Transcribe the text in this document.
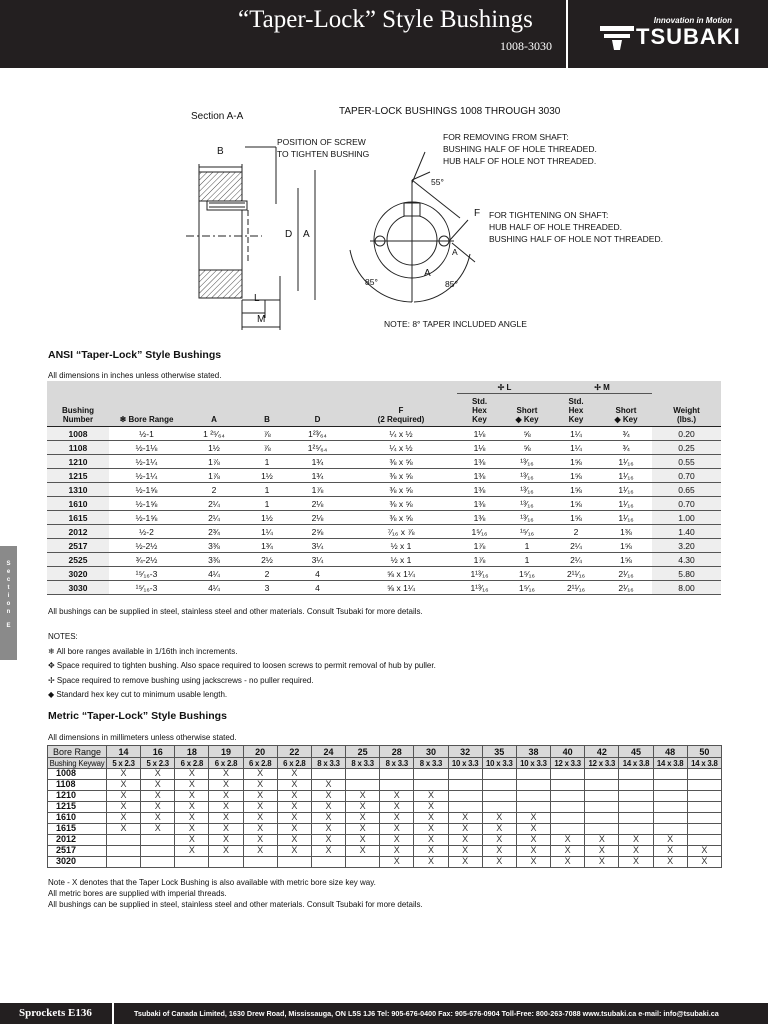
“Taper-Lock” Style Bushings
1008-3030
Innovation in Motion
TSUBAKI
S
e
c
t
i
o
n
E
Section A-A	TAPER-LOCK BUSHINGS 1008 THROUGH 3030
B
POSITION OF SCREW
TO TIGHTEN BUSHING
FOR REMOVING FROM SHAFT:
BUSHING HALF OF HOLE THREADED.
HUB HALF OF HOLE NOT THREADED.
55°
F FOR TIGHTENING ON SHAFT:
HUB HALF OF HOLE THREADED.
BUSHING HALF OF HOLE NOT THREADED.
D A
A
A
85°	85°
L
M	NOTE: 8° TAPER INCLUDED ANGLE
ANSI “Taper-Lock” Style Bushings
All dimensions in inches unless otherwise stated.
						✢ L		✢ M		
Bushing
Number	❄ Bore Range	A	B	D	F
(2 Required)	Std.
Hex
Key	Short
◆ Key	Std.
Hex
Key	Short
◆ Key	Weight
(lbs.)
1008	½-1	1 ²⁵⁄₆₄	⅞	1²³⁄₆₄	¼ x ½	1⅛	⅝	1¼	¾	0.20
1108	½-1⅛	1½	⅞	1²⁵⁄₆₄	¼ x ½	1⅛	⅝	1¼	¾	0.25
1210	½-1¼	1⅞	1	1¾	⅜ x ⅝	1⅜	¹³⁄₁₆	1⅝	1¹⁄₁₆	0.55
1215	½-1¼	1⅞	1½	1¾	⅜ x ⅝	1⅜	¹³⁄₁₆	1⅝	1¹⁄₁₆	0.70
1310	½-1⅝	2	1	1⅞	⅜ x ⅝	1⅜	¹³⁄₁₆	1⅝	1¹⁄₁₆	0.65
1610	½-1⅝	2¼	1	2⅛	⅜ x ⅝	1⅜	¹³⁄₁₆	1⅝	1¹⁄₁₆	0.70
1615	½-1⅝	2¼	1½	2⅛	⅜ x ⅝	1⅜	¹³⁄₁₆	1⅝	1¹⁄₁₆	1.00
2012	½-2	2¾	1¼	2⅝	⁷⁄₁₆ x ⅞	1⁵⁄₁₆	¹⁵⁄₁₆	2	1⅜	1.40
2517	½-2½	3⅜	1¾	3¼	½ x 1	1⅞	1	2¼	1⅝	3.20
2525	¾-2½	3⅜	2½	3¼	½ x 1	1⅞	1	2¼	1⅝	4.30
3020	¹⁵⁄₁₆-3	4¼	2	4	⅝ x 1¼	1¹³⁄₁₆	1⁵⁄₁₆	2¹¹⁄₁₆	2¹⁄₁₆	5.80
3030	¹⁵⁄₁₆-3	4¼	3	4	⅝ x 1¼	1¹³⁄₁₆	1⁵⁄₁₆	2¹¹⁄₁₆	2¹⁄₁₆	8.00
All bushings can be supplied in steel, stainless steel and other materials. Consult Tsubaki for more details.
NOTES:
❄ All bore ranges available in 1/16th inch increments.
✥ Space required to tighten bushing. Also space required to loosen screws to permit removal of hub by puller.
✢ Space required to remove bushing using jackscrews - no puller required.
◆ Standard hex key cut to minimum usable length.
Metric “Taper-Lock” Style Bushings
All dimensions in millimeters unless otherwise stated.
Bore Range	14	16	18	19	20	22	24	25	28	30	32	35	38	40	42	45	48	50
Bushing Keyway	5 x 2.3	5 x 2.3	6 x 2.8	6 x 2.8	6 x 2.8	6 x 2.8	8 x 3.3	8 x 3.3	8 x 3.3	8 x 3.3	10 x 3.3	10 x 3.3	10 x 3.3	12 x 3.3	12 x 3.3	14 x 3.8	14 x 3.8	14 x 3.8
1008	X	X	X	X	X	X												
1108	X	X	X	X	X	X	X											
1210	X	X	X	X	X	X	X	X	X	X								
1215	X	X	X	X	X	X	X	X	X	X								
1610	X	X	X	X	X	X	X	X	X	X	X	X	X					
1615	X	X	X	X	X	X	X	X	X	X	X	X	X					
2012			X	X	X	X	X	X	X	X	X	X	X	X	X	X	X	
2517			X	X	X	X	X	X	X	X	X	X	X	X	X	X	X	X
3020									X	X	X	X	X	X	X	X	X	X
Note - X denotes that the Taper Lock Bushing is also available with metric bore size key way.
All metric bores are supplied with imperial threads.
All bushings can be supplied in steel, stainless steel and other materials. Consult Tsubaki for more details.
Sprockets E136	Tsubaki of Canada Limited, 1630 Drew Road, Mississauga, ON L5S 1J6 Tel: 905-676-0400 Fax: 905-676-0904 Toll-Free: 800-263-7088 www.tsubaki.ca e-mail: info@tsubaki.ca
